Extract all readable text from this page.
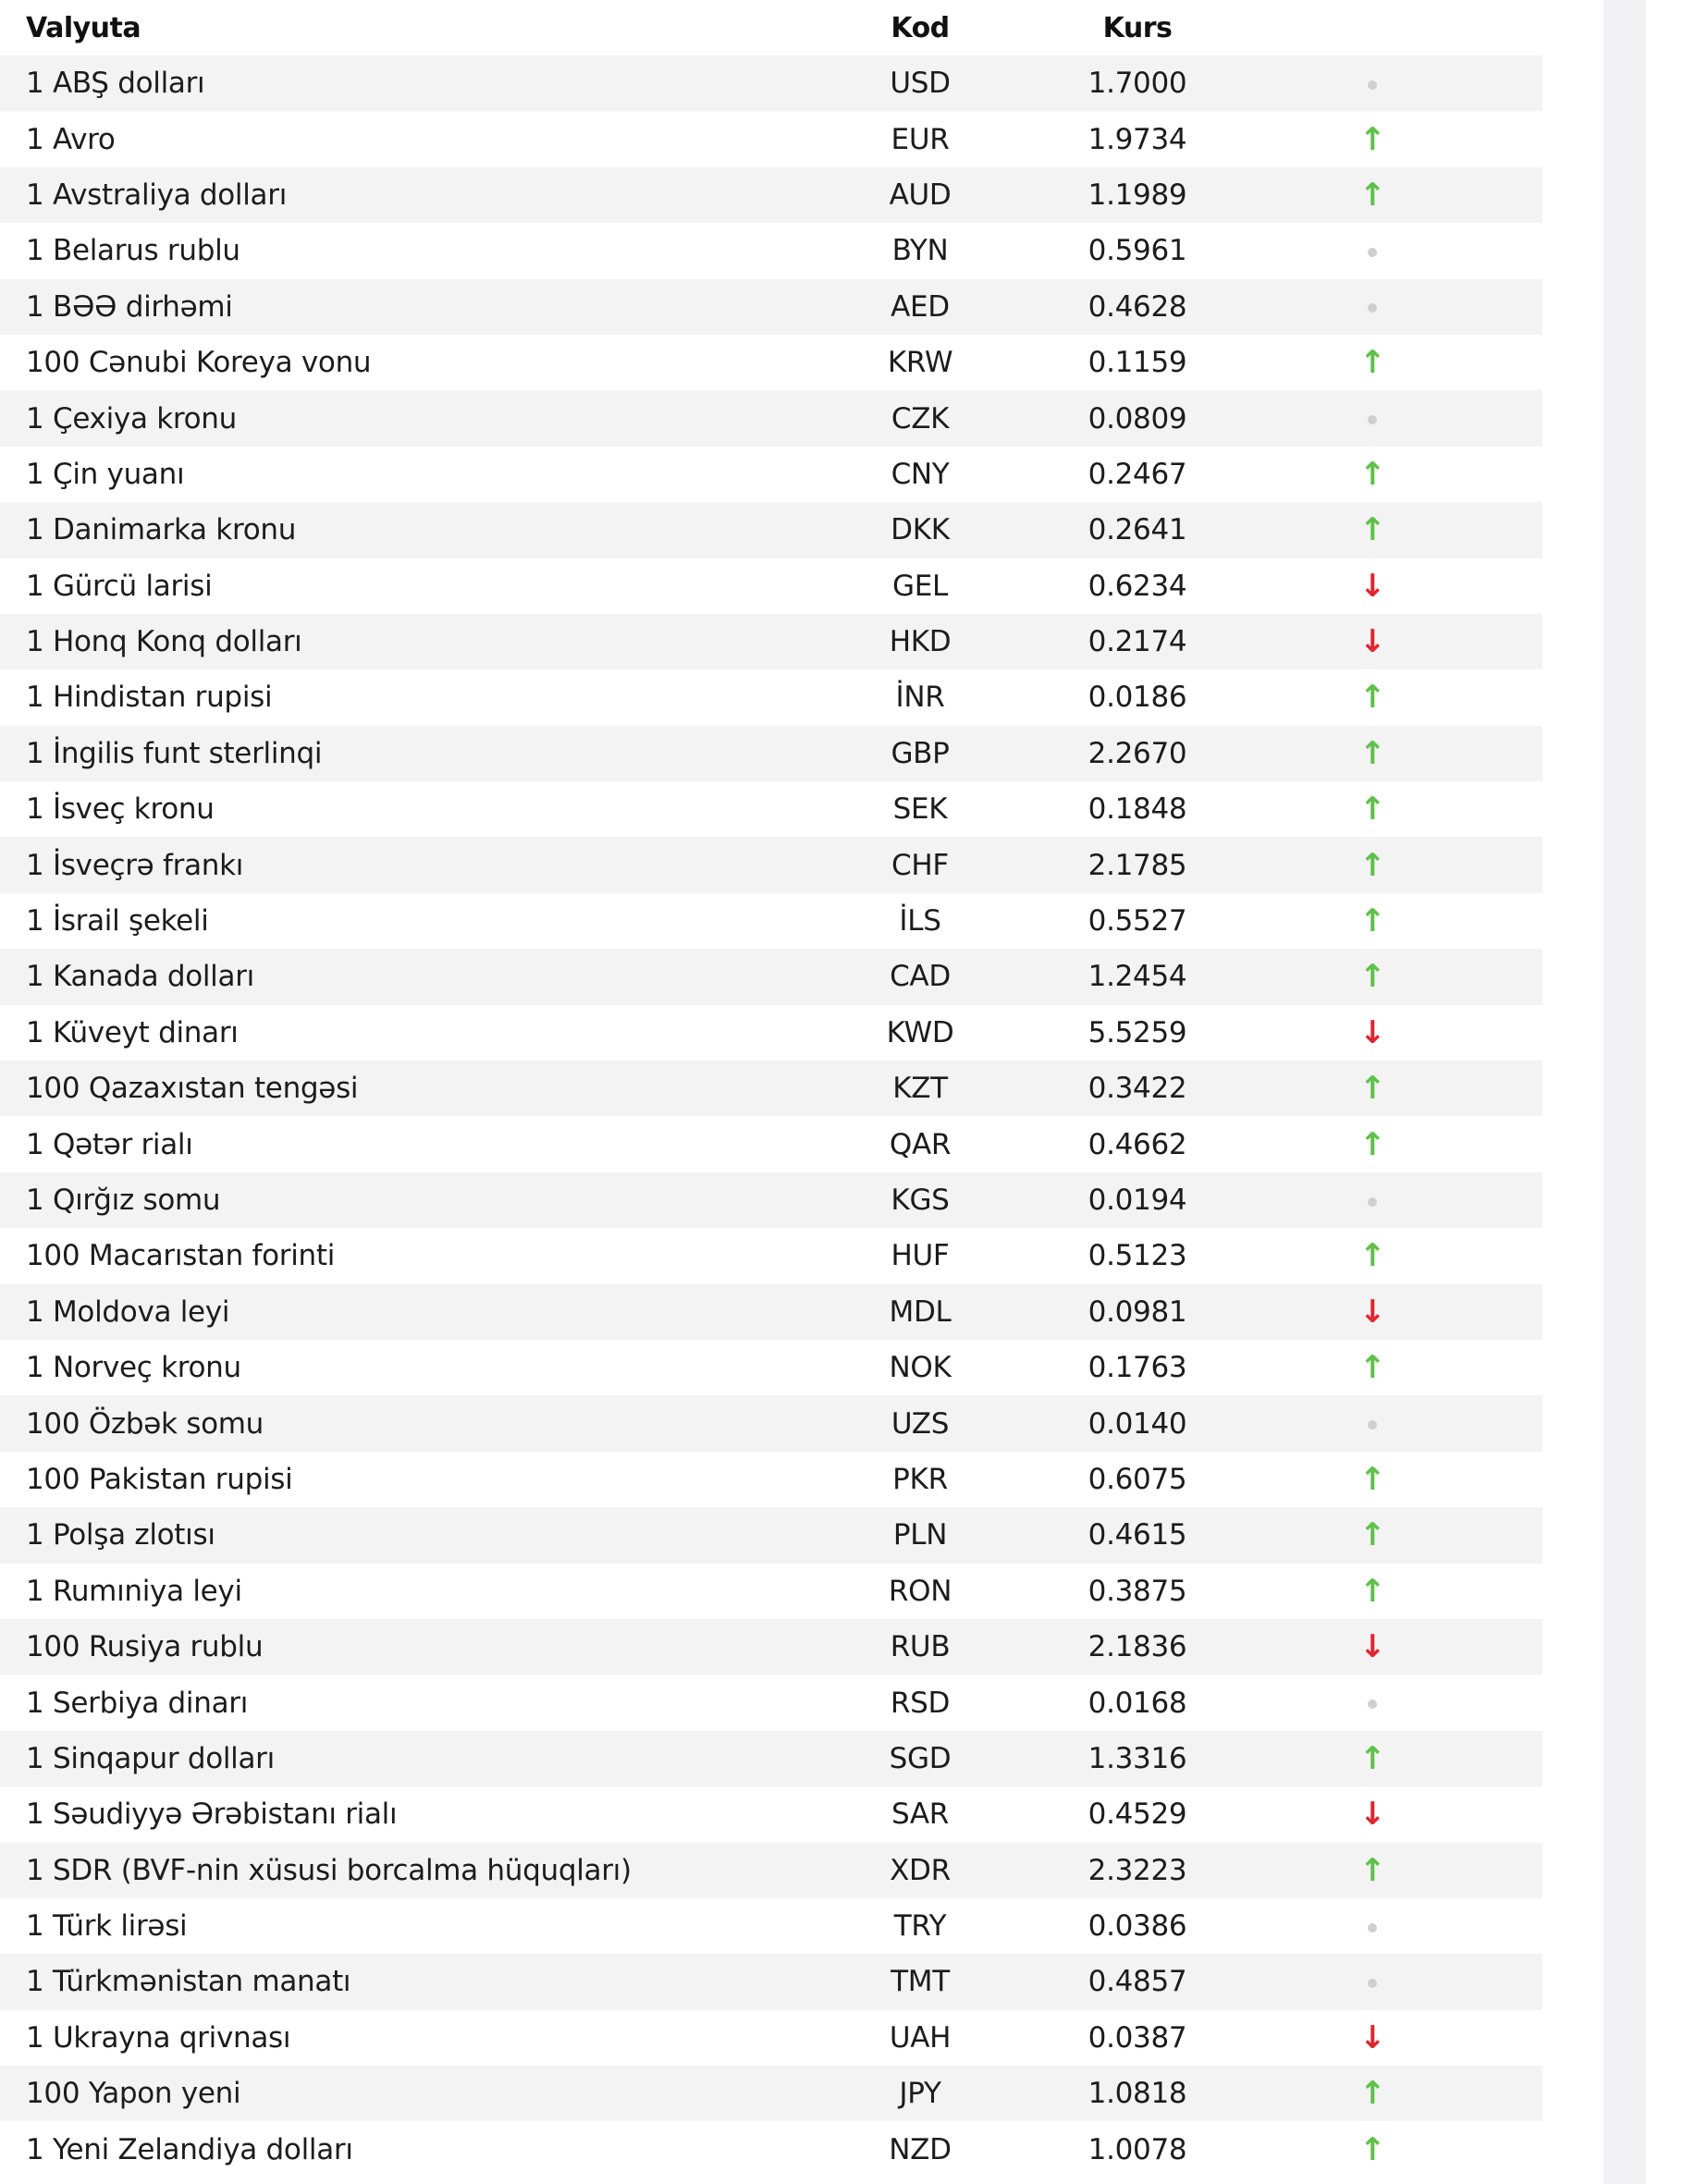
Valyuta	Kod	Kurs	
1 ABŞ dolları	USD	1.7000	
1 Avro	EUR	1.9734	↑
1 Avstraliya dolları	AUD	1.1989	↑
1 Belarus rublu	BYN	0.5961	
1 BƏƏ dirhəmi	AED	0.4628	
100 Cənubi Koreya vonu	KRW	0.1159	↑
1 Çexiya kronu	CZK	0.0809	
1 Çin yuanı	CNY	0.2467	↑
1 Danimarka kronu	DKK	0.2641	↑
1 Gürcü larisi	GEL	0.6234	↓
1 Honq Konq dolları	HKD	0.2174	↓
1 Hindistan rupisi	İNR	0.0186	↑
1 İngilis funt sterlinqi	GBP	2.2670	↑
1 İsveç kronu	SEK	0.1848	↑
1 İsveçrə frankı	CHF	2.1785	↑
1 İsrail şekeli	İLS	0.5527	↑
1 Kanada dolları	CAD	1.2454	↑
1 Küveyt dinarı	KWD	5.5259	↓
100 Qazaxıstan tengəsi	KZT	0.3422	↑
1 Qətər rialı	QAR	0.4662	↑
1 Qırğız somu	KGS	0.0194	
100 Macarıstan forinti	HUF	0.5123	↑
1 Moldova leyi	MDL	0.0981	↓
1 Norveç kronu	NOK	0.1763	↑
100 Özbək somu	UZS	0.0140	
100 Pakistan rupisi	PKR	0.6075	↑
1 Polşa zlotısı	PLN	0.4615	↑
1 Rumıniya leyi	RON	0.3875	↑
100 Rusiya rublu	RUB	2.1836	↓
1 Serbiya dinarı	RSD	0.0168	
1 Sinqapur dolları	SGD	1.3316	↑
1 Səudiyyə Ərəbistanı rialı	SAR	0.4529	↓
1 SDR (BVF-nin xüsusi borcalma hüquqları)	XDR	2.3223	↑
1 Türk lirəsi	TRY	0.0386	
1 Türkmənistan manatı	TMT	0.4857	
1 Ukrayna qrivnası	UAH	0.0387	↓
100 Yapon yeni	JPY	1.0818	↑
1 Yeni Zelandiya dolları	NZD	1.0078	↑
